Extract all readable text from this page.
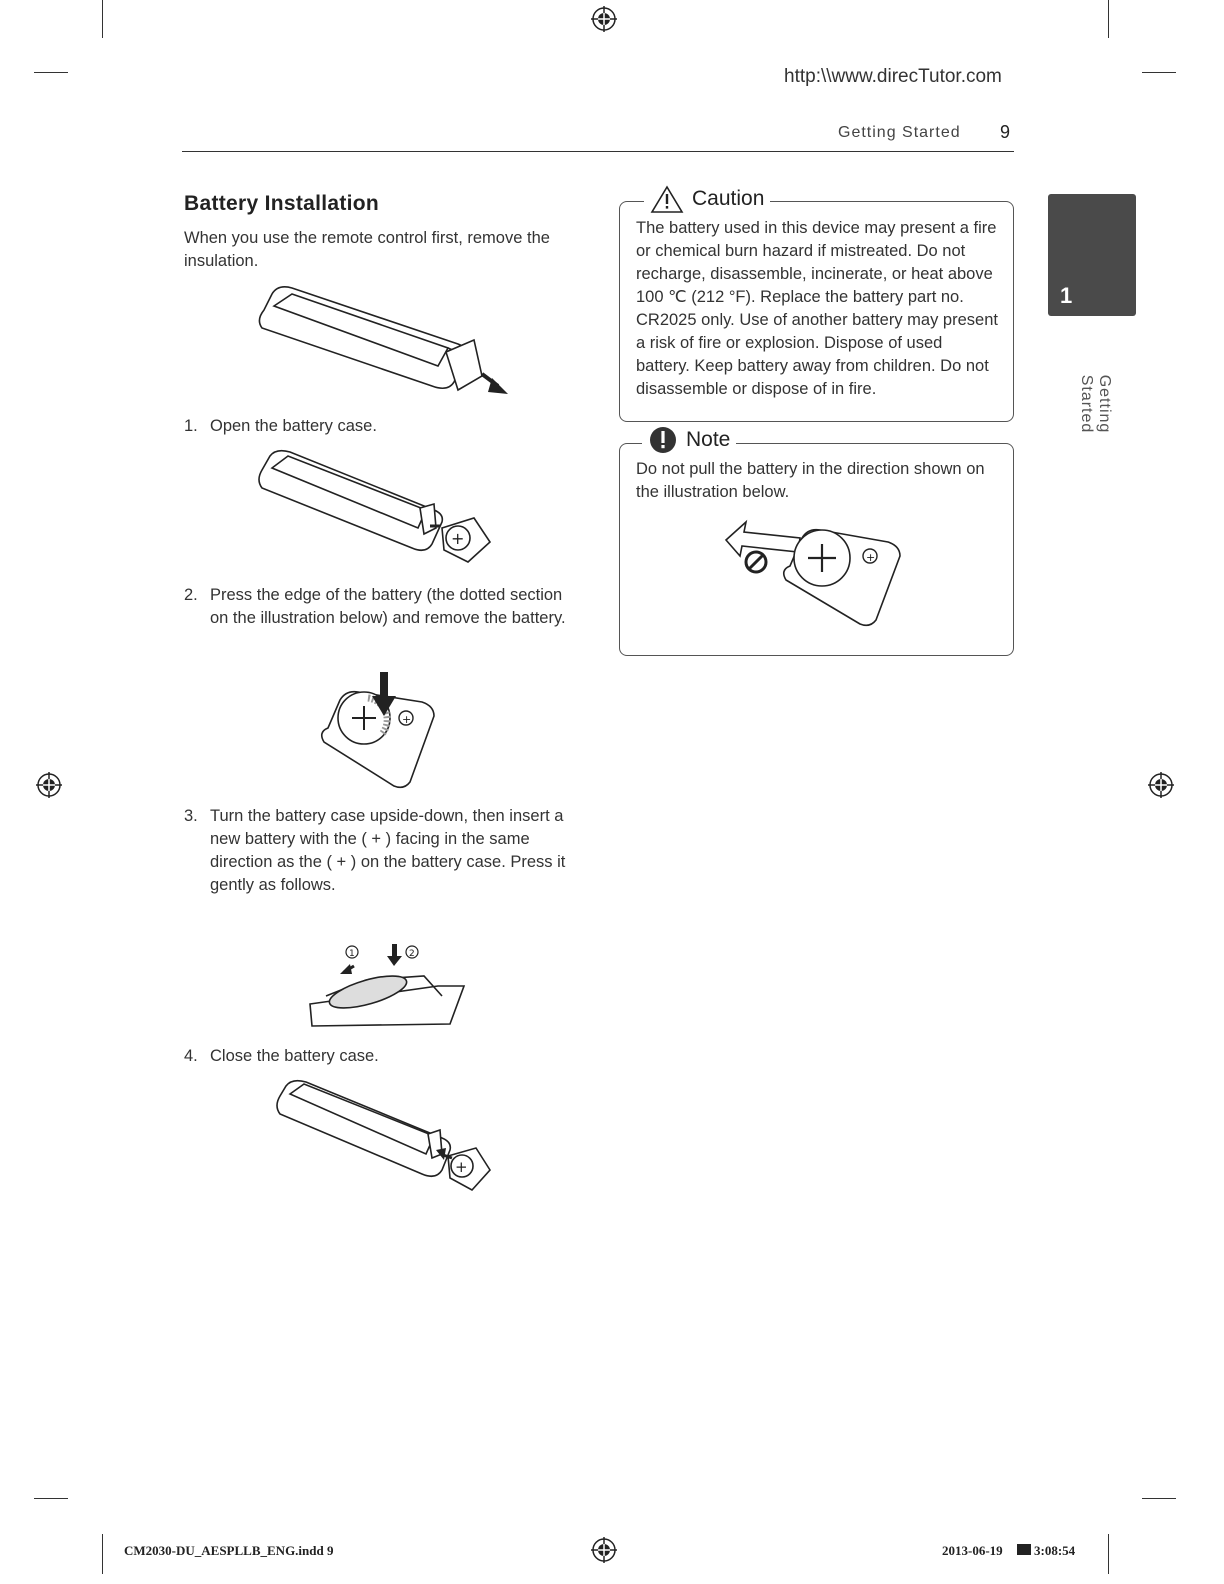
http:\\www.direcTutor.com
Getting Started 9
Battery Installation
When you use the remote control first, remove the insulation.
1. Open the battery case.
+
2. Press the edge of the battery (the dotted section on the illustration below) and remove the battery.
+
3. Turn the battery case upside-down, then insert a new battery with the ( + ) facing in the same direction as the ( + ) on the battery case. Press it gently as follows.
1	2
4. Close the battery case.
+
Caution
The battery used in this device may present a fire or chemical burn hazard if mistreated. Do not recharge, disassemble, incinerate, or heat above 100 ℃ (212 °F). Replace the battery part no. CR2025 only. Use of another battery may present a risk of fire or explosion. Dispose of used battery. Keep battery away from children. Do not disassemble or dispose of in fire.
Note
Do not pull the battery in the direction shown on the illustration below.
+
1
Getting Started
CM2030-DU_AESPLLB_ENG.indd 9	2013-06-19 3:08:54
